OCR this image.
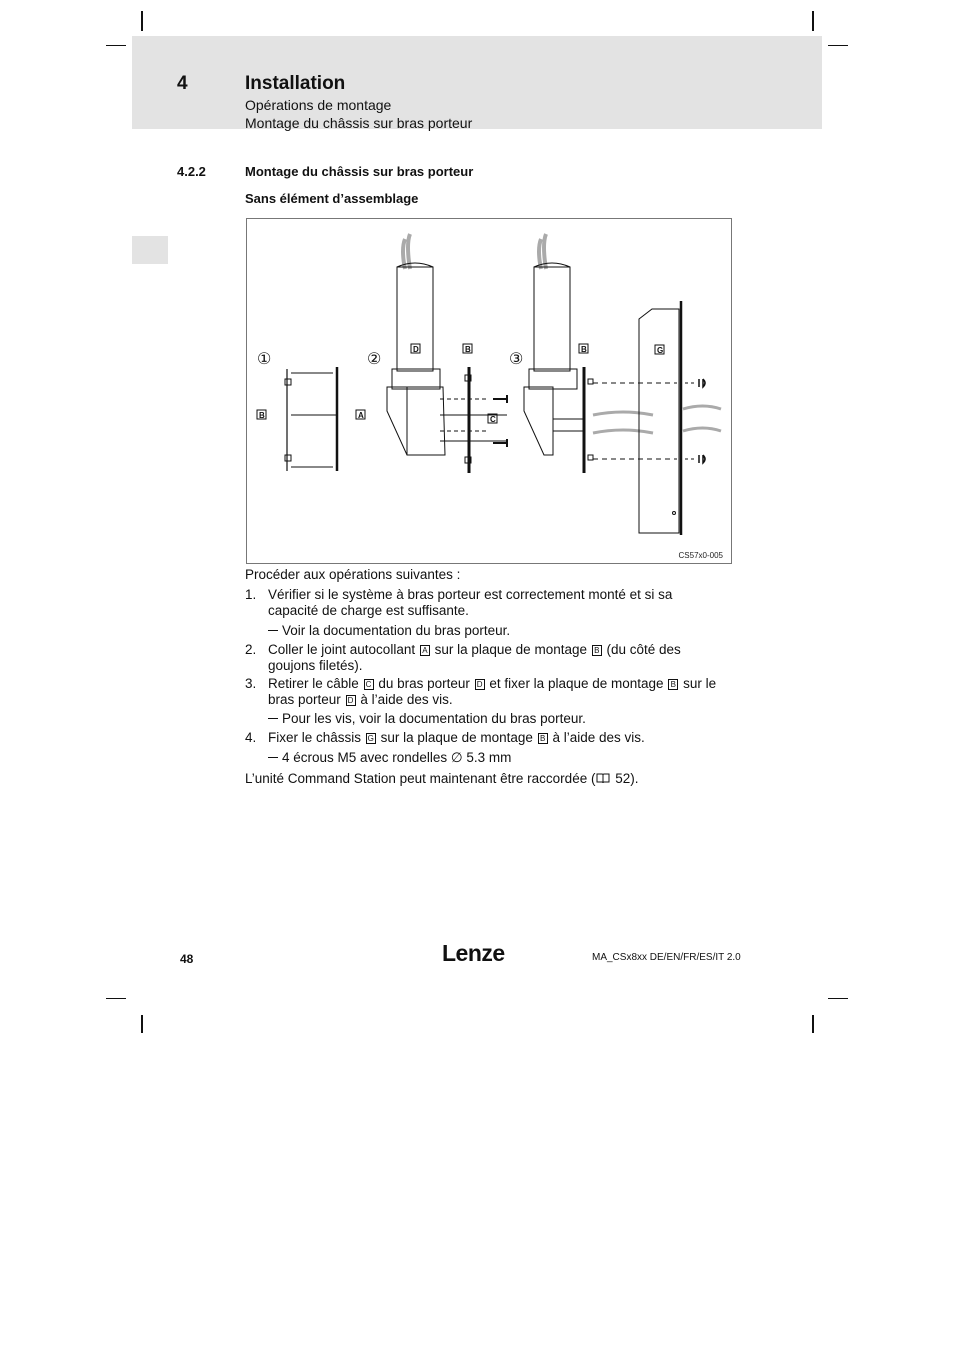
4	Installation
Opérations de montage
Montage du châssis sur bras porteur
4.2.2	Montage du châssis sur bras porteur
Sans élément d’assemblage
①	②	③
B	A
D	B
C
B	G
CS57x0-005
Procéder aux opérations suivantes :
1. Vérifier si le système à bras porteur est correctement monté et si sa
capacité de charge est suffisante.
Voir la documentation du bras porteur.
2. Coller le joint autocollant A sur la plaque de montage B (du côté des
goujons filetés).
3. Retirer le câble C du bras porteur D et fixer la plaque de montage B sur le
bras porteur D à l’aide des vis.
Pour les vis, voir la documentation du bras porteur.
4. Fixer le châssis G sur la plaque de montage B à l’aide des vis.
4 écrous M5 avec rondelles ∅ 5.3 mm
L’unité Command Station peut maintenant être raccordée ( 52).
48	Lenze	MA_CSx8xx DE/EN/FR/ES/IT 2.0
